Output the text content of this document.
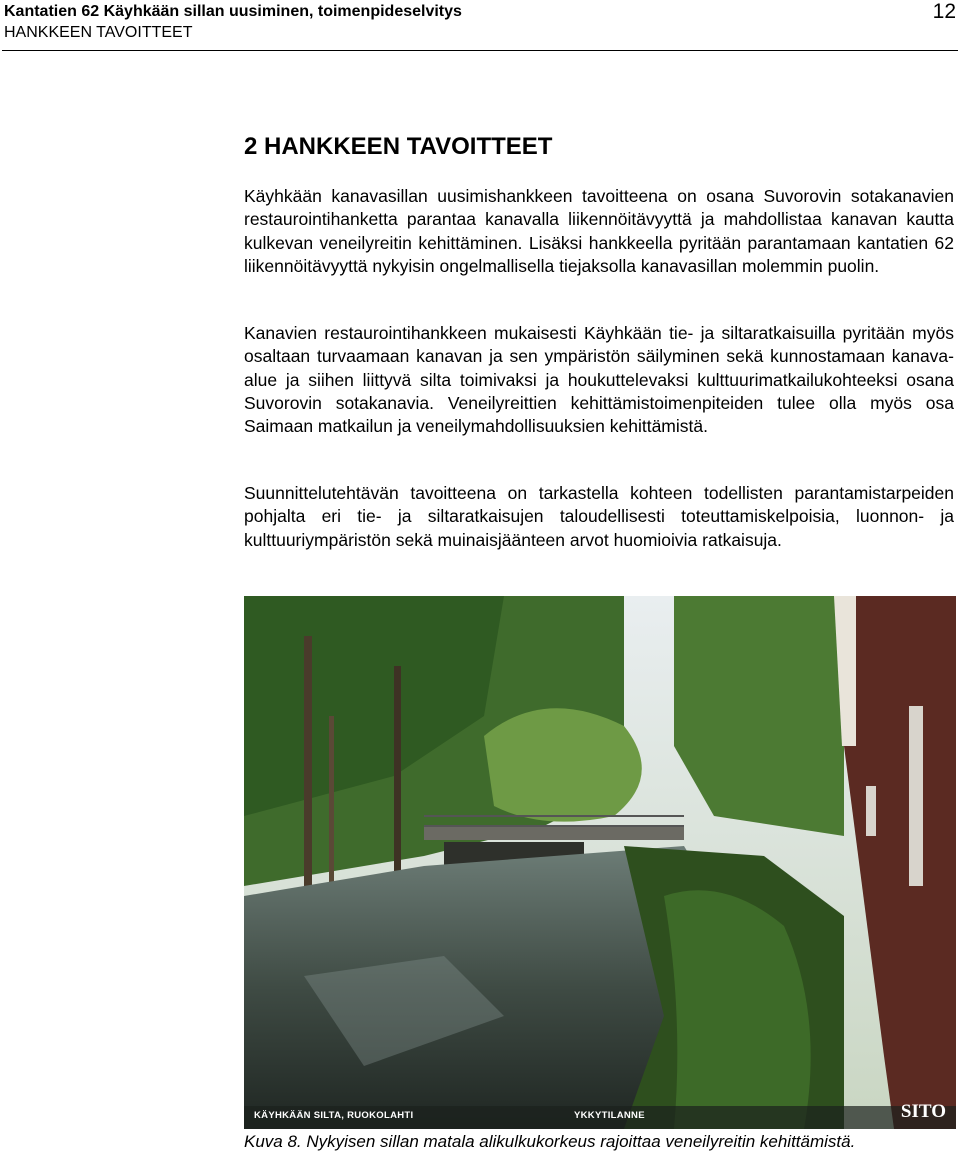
Kantatien 62 Käyhkään sillan uusiminen, toimenpideselvitys
HANKKEEN TAVOITTEET
12
2 HANKKEEN TAVOITTEET

Käyhkään kanavasillan uusimishankkeen tavoitteena on osana Suvorovin sotakanavien restaurointihanketta parantaa kanavalla liikennöitävyyttä ja mahdollistaa kanavan kautta kulkevan veneilyreitin kehittäminen. Lisäksi hankkeella pyritään parantamaan kantatien 62 liikennöitävyyttä nykyisin ongelmallisella tiejaksolla kanavasillan molemmin puolin.

Kanavien restaurointihankkeen mukaisesti Käyhkään tie- ja siltaratkaisuilla pyritään myös osaltaan turvaamaan kanavan ja sen ympäristön säilyminen sekä kunnostamaan kanava-alue ja siihen liittyvä silta toimivaksi ja houkuttelevaksi kulttuurimatkailukohteeksi osana Suvorovin sotakanavia. Veneilyreittien kehittämistoimenpiteiden tulee olla myös osa Saimaan matkailun ja veneilymahdollisuuksien kehittämistä.

Suunnittelutehtävän tavoitteena on tarkastella kohteen todellisten parantamistarpeiden pohjalta eri tie- ja siltaratkaisujen taloudellisesti toteuttamiskelpoisia, luonnon- ja kulttuuriympäristön sekä muinaisjäänteen arvot huomioivia ratkaisuja.

KÄYHKÄÄN SILTA, RUOKOLAHTI	YKKYTILANNE	SITO
Kuva 8. Nykyisen sillan matala alikulkukorkeus rajoittaa veneilyreitin kehittämistä.
